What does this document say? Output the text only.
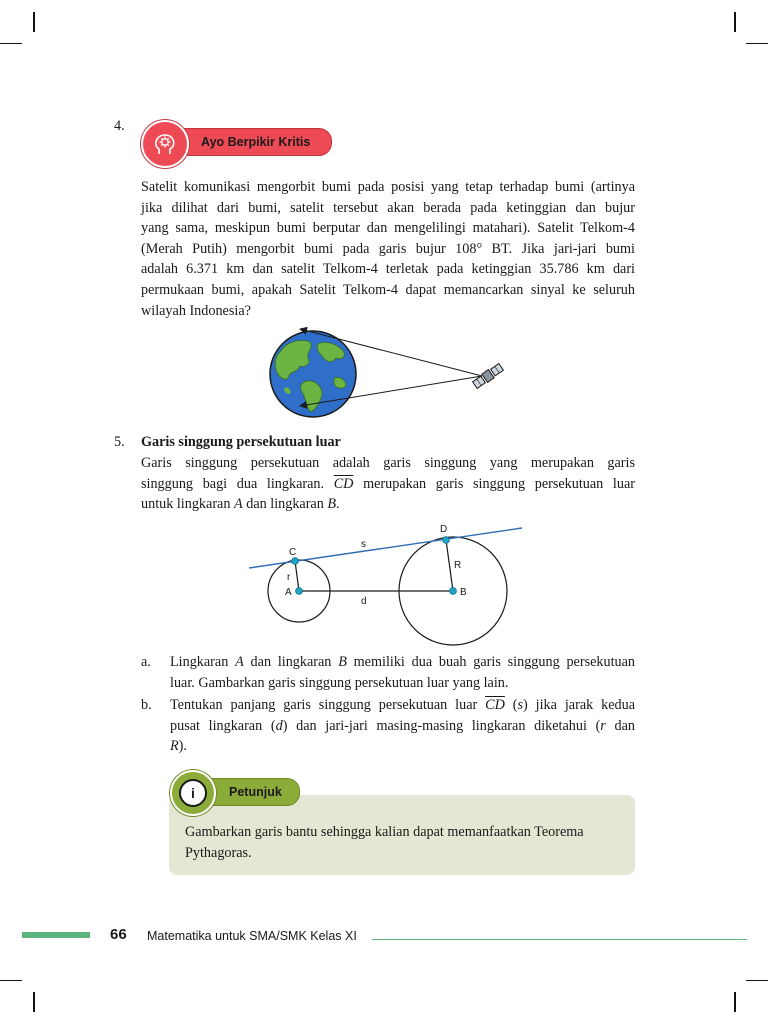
4.
Ayo Berpikir Kritis
Satelit komunikasi mengorbit bumi pada posisi yang tetap terhadap bumi (artinya
jika dilihat dari bumi, satelit tersebut akan berada pada ketinggian dan bujur
yang sama, meskipun bumi berputar dan mengelilingi matahari). Satelit Telkom-4
(Merah Putih) mengorbit bumi pada garis bujur 108° BT. Jika jari-jari bumi
adalah 6.371 km dan satelit Telkom-4 terletak pada ketinggian 35.786 km dari
permukaan bumi, apakah Satelit Telkom-4 dapat memancarkan sinyal ke seluruh
wilayah Indonesia?
5. Garis singgung persekutuan luar
Garis singgung persekutuan adalah garis singgung yang merupakan garis
singgung bagi dua lingkaran. $\overline{CD}$ merupakan garis singgung persekutuan luar
untuk lingkaran A dan lingkaran B.
C
D
A	B
r
R
s
d
a. Lingkaran A dan lingkaran B memiliki dua buah garis singgung persekutuan
luar. Gambarkan garis singgung persekutuan luar yang lain.
b. Tentukan panjang garis singgung persekutuan luar $\overline{CD}$ (s) jika jarak kedua
pusat lingkaran (d) dan jari-jari masing-masing lingkaran diketahui (r dan
R).
Petunjuk
i
Gambarkan garis bantu sehingga kalian dapat memanfaatkan Teorema
Pythagoras.
66 Matematika untuk SMA/SMK Kelas XI
